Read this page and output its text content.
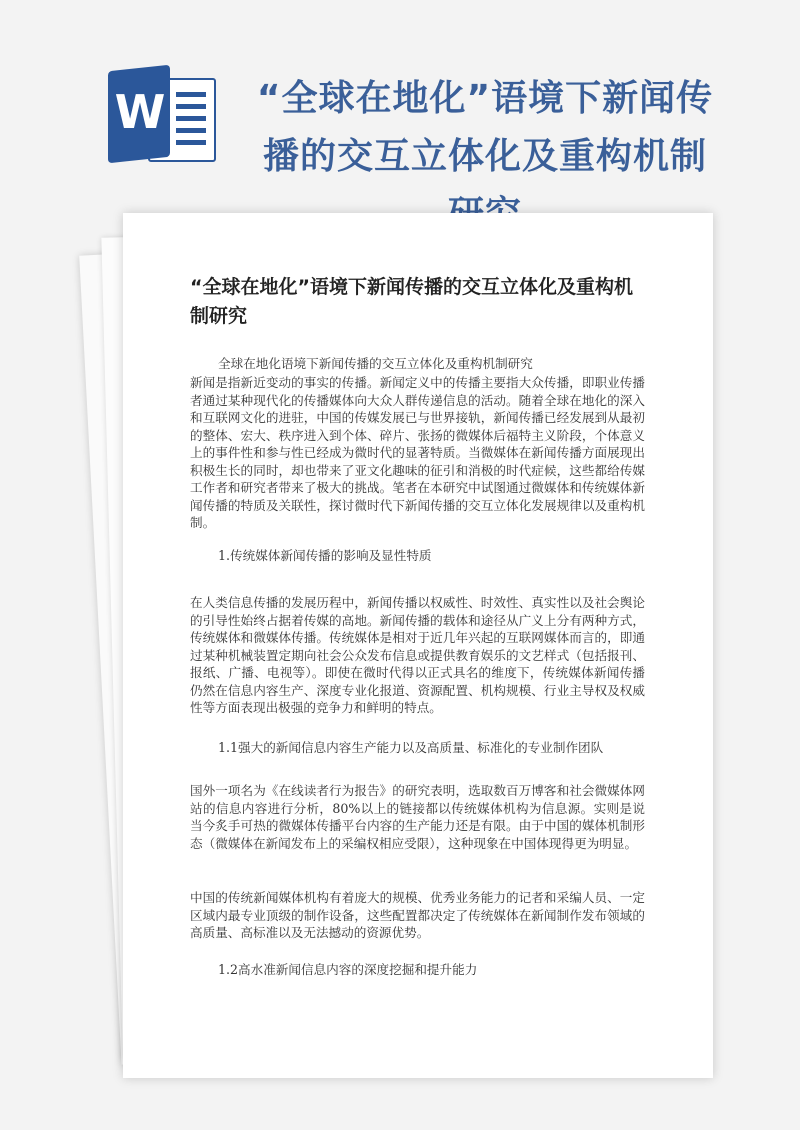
W	“全球在地化”语境下新闻传播的交互立体化及重构机制
“全球在地化”语境下新闻传播的交互立体化及重构机制研究
全球在地化语境下新闻传播的交互立体化及重构机制研究
新闻是指新近变动的事实的传播。新闻定义中的传播主要指大众传播，即职业传播者通过某种现代化的传播媒体向大众人群传递信息的活动。随着全球在地化的深入和互联网文化的进驻，中国的传媒发展已与世界接轨，新闻传播已经发展到从最初的整体、宏大、秩序进入到个体、碎片、张扬的微媒体后福特主义阶段，个体意义上的事件性和参与性已经成为微时代的显著特质。当微媒体在新闻传播方面展现出积极生长的同时，却也带来了亚文化趣味的征引和消极的时代症候，这些都给传媒工作者和研究者带来了极大的挑战。笔者在本研究中试图通过微媒体和传统媒体新闻传播的特质及关联性，探讨微时代下新闻传播的交互立体化发展规律以及重构机制。
1.传统媒体新闻传播的影响及显性特质
在人类信息传播的发展历程中，新闻传播以权威性、时效性、真实性以及社会舆论的引导性始终占据着传媒的高地。新闻传播的载体和途径从广义上分有两种方式，传统媒体和微媒体传播。传统媒体是相对于近几年兴起的互联网媒体而言的，即通过某种机械装置定期向社会公众发布信息或提供教育娱乐的文艺样式（包括报刊、报纸、广播、电视等）。即使在微时代得以正式具名的维度下，传统媒体新闻传播仍然在信息内容生产、深度专业化报道、资源配置、机构规模、行业主导权及权威性等方面表现出极强的竞争力和鲜明的特点。
1.1强大的新闻信息内容生产能力以及高质量、标准化的专业制作团队
国外一项名为《在线读者行为报告》的研究表明，选取数百万博客和社会微媒体网站的信息内容进行分析，80%以上的链接都以传统媒体机构为信息源。实则是说当今炙手可热的微媒体传播平台内容的生产能力还是有限。由于中国的媒体机制形态（微媒体在新闻发布上的采编权相应受限），这种现象在中国体现得更为明显。
中国的传统新闻媒体机构有着庞大的规模、优秀业务能力的记者和采编人员、一定区域内最专业顶级的制作设备，这些配置都决定了传统媒体在新闻制作发布领域的高质量、高标准以及无法撼动的资源优势。
1.2高水准新闻信息内容的深度挖掘和提升能力
